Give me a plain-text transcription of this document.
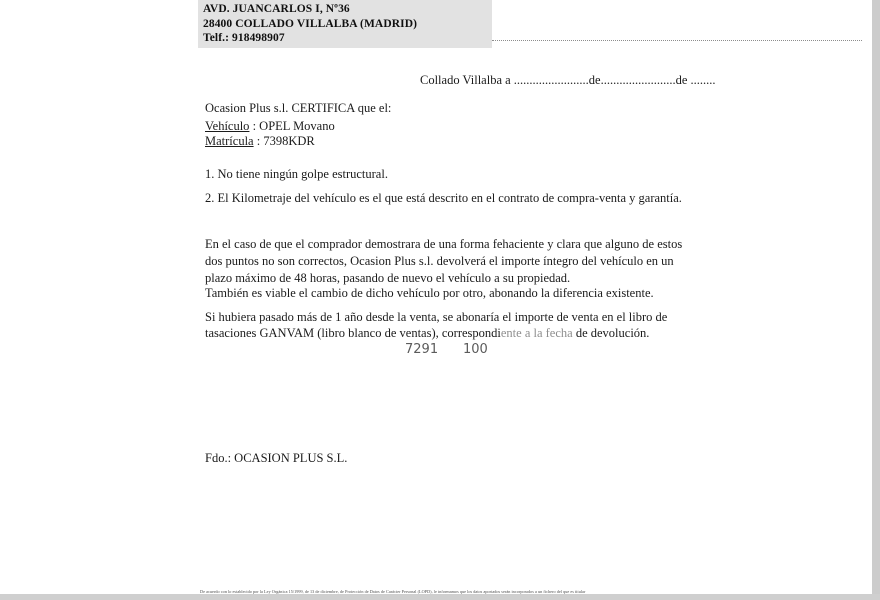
AVD. JUANCARLOS I, Nº36
28400 COLLADO VILLALBA (MADRID)
Telf.: 918498907
Collado Villalba a ........................de........................de ........
Ocasion Plus s.l. CERTIFICA que el:
Vehículo : OPEL Movano
Matrícula : 7398KDR
1. No tiene ningún golpe estructural.
2. El Kilometraje del vehículo es el que está descrito en el contrato de compra-venta y garantía.
En el caso de que el comprador demostrara de una forma fehaciente y clara que alguno de estos dos puntos no son correctos, Ocasion Plus s.l. devolverá el importe íntegro del vehículo en un plazo máximo de 48 horas, pasando de nuevo el vehículo a su propiedad.
También es viable el cambio de dicho vehículo por otro, abonando la diferencia existente.
Si hubiera pasado más de 1 año desde la venta, se abonaría el importe de venta en el libro de tasaciones GANVAM (libro blanco de ventas), correspondiente a la fecha de devolución.
7291 100
Fdo.: OCASION PLUS S.L.
De acuerdo con lo establecido por la Ley Orgánica 15/1999, de 13 de diciembre, de Protección de Datos de Carácter Personal (LOPD), le informamos que los datos aportados serán incorporados a un fichero del que es titular
